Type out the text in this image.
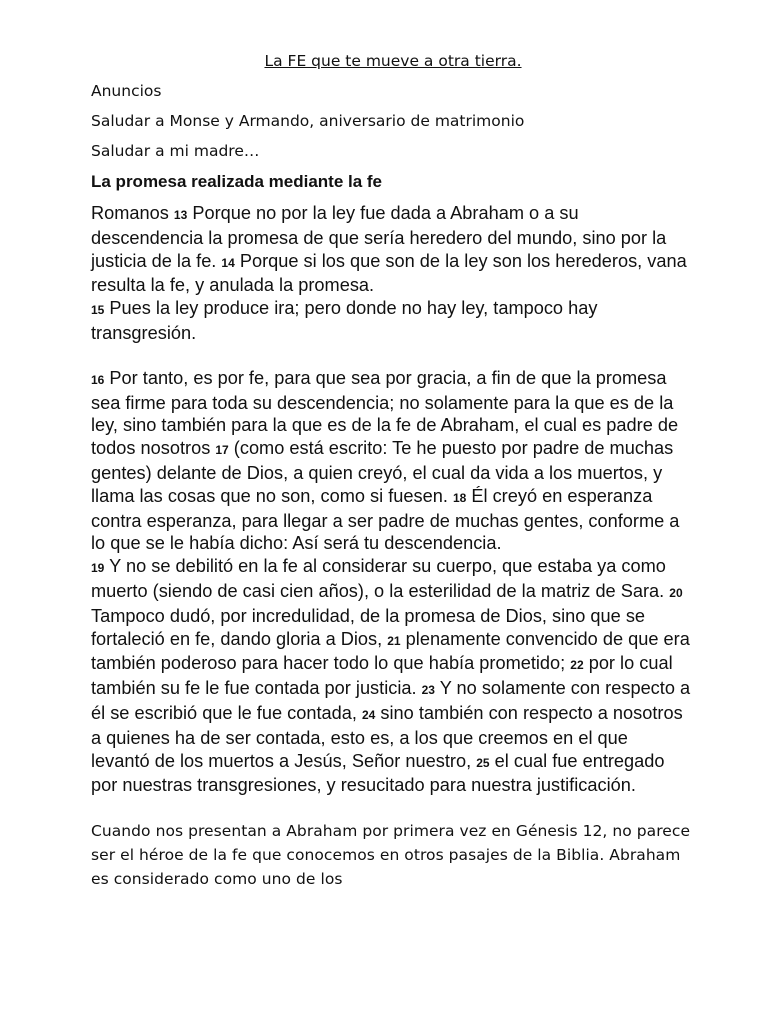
La FE que te mueve a otra tierra.

Anuncios

Saludar a Monse y Armando, aniversario de matrimonio

Saludar a mi madre…

La promesa realizada mediante la fe

Romanos 13 Porque no por la ley fue dada a Abraham o a su descendencia la promesa de que sería heredero del mundo, sino por la justicia de la fe. 14 Porque si los que son de la ley son los herederos, vana resulta la fe, y anulada la promesa.
15 Pues la ley produce ira; pero donde no hay ley, tampoco hay transgresión.

16 Por tanto, es por fe, para que sea por gracia, a fin de que la promesa sea firme para toda su descendencia; no solamente para la que es de la ley, sino también para la que es de la fe de Abraham, el cual es padre de todos nosotros 17 (como está escrito: Te he puesto por padre de muchas gentes) delante de Dios, a quien creyó, el cual da vida a los muertos, y llama las cosas que no son, como si fuesen. 18 Él creyó en esperanza contra esperanza, para llegar a ser padre de muchas gentes, conforme a lo que se le había dicho: Así será tu descendencia.
19 Y no se debilitó en la fe al considerar su cuerpo, que estaba ya como muerto (siendo de casi cien años), o la esterilidad de la matriz de Sara. 20 Tampoco dudó, por incredulidad, de la promesa de Dios, sino que se fortaleció en fe, dando gloria a Dios, 21 plenamente convencido de que era también poderoso para hacer todo lo que había prometido; 22 por lo cual también su fe le fue contada por justicia. 23 Y no solamente con respecto a él se escribió que le fue contada, 24 sino también con respecto a nosotros a quienes ha de ser contada, esto es, a los que creemos en el que levantó de los muertos a Jesús, Señor nuestro, 25 el cual fue entregado por nuestras transgresiones, y resucitado para nuestra justificación.

Cuando nos presentan a Abraham por primera vez en Génesis 12, no parece ser el héroe de la fe que conocemos en otros pasajes de la Biblia. Abraham es considerado como uno de los
